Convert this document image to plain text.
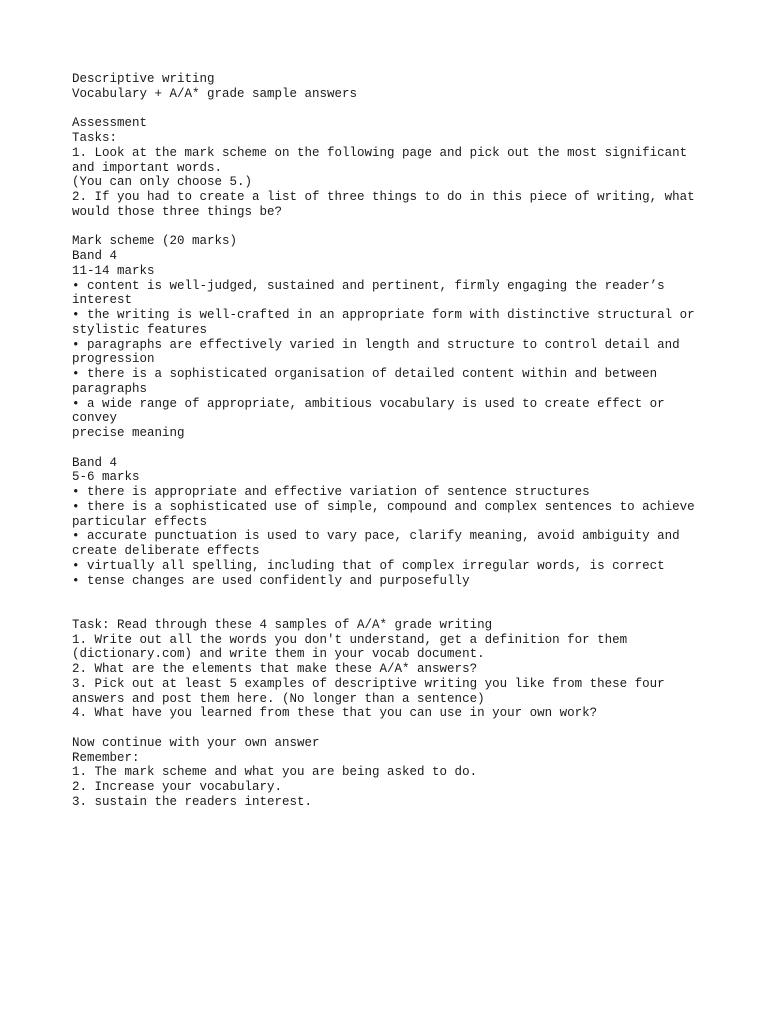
Descriptive writing
Vocabulary + A/A* grade sample answers
Assessment
Tasks:
1. Look at the mark scheme on the following page and pick out the most significant
and important words.
(You can only choose 5.)
2. If you had to create a list of three things to do in this piece of writing, what
would those three things be?
Mark scheme (20 marks)
Band 4
11-14 marks
• content is well-judged, sustained and pertinent, firmly engaging the reader’s
interest
• the writing is well-crafted in an appropriate form with distinctive structural or
stylistic features
• paragraphs are effectively varied in length and structure to control detail and
progression
• there is a sophisticated organisation of detailed content within and between
paragraphs
• a wide range of appropriate, ambitious vocabulary is used to create effect or
convey
precise meaning
Band 4
5-6 marks
• there is appropriate and effective variation of sentence structures
• there is a sophisticated use of simple, compound and complex sentences to achieve
particular effects
• accurate punctuation is used to vary pace, clarify meaning, avoid ambiguity and
create deliberate effects
• virtually all spelling, including that of complex irregular words, is correct
• tense changes are used confidently and purposefully
Task: Read through these 4 samples of A/A* grade writing
1. Write out all the words you don't understand, get a definition for them
(dictionary.com) and write them in your vocab document.
2. What are the elements that make these A/A* answers?
3. Pick out at least 5 examples of descriptive writing you like from these four
answers and post them here. (No longer than a sentence)
4. What have you learned from these that you can use in your own work?
Now continue with your own answer
Remember:
1. The mark scheme and what you are being asked to do.
2. Increase your vocabulary.
3. sustain the readers interest.
